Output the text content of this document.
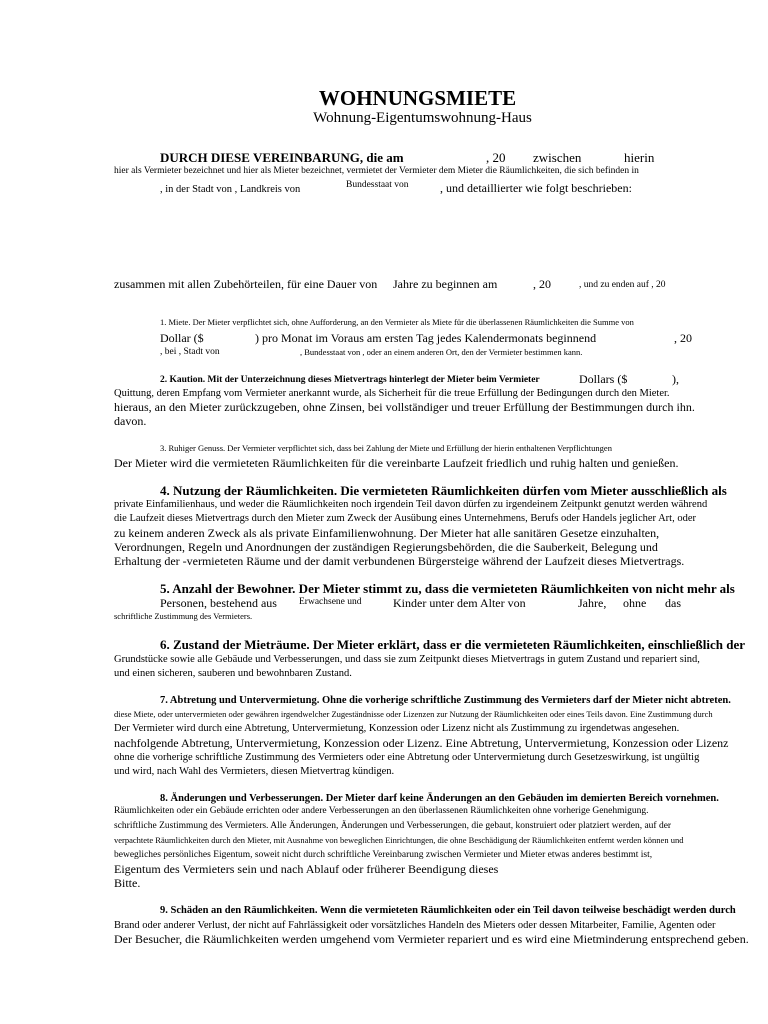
WOHNUNGSMIETE
Wohnung-Eigentumswohnung-Haus
DURCH DIESE VEREINBARUNG, die am	, 20 zwischen	hierin
hier als Vermieter bezeichnet und hier als Mieter bezeichnet, vermietet der Vermieter dem Mieter die Räumlichkeiten, die sich befinden in
, in der Stadt von , Landkreis von	Bundesstaat von	, und detaillierter wie folgt beschrieben:
zusammen mit allen Zubehörteilen, für eine Dauer von Jahre zu beginnen am	, 20	, und zu enden auf , 20
1. Miete. Der Mieter verpflichtet sich, ohne Aufforderung, an den Vermieter als Miete für die überlassenen Räumlichkeiten die Summe von
Dollar ($	) pro Monat im Voraus am ersten Tag jedes Kalendermonats beginnend	, 20
, bei , Stadt von	, Bundesstaat von , oder an einem anderen Ort, den der Vermieter bestimmen kann.
2. Kaution. Mit der Unterzeichnung dieses Mietvertrags hinterlegt der Mieter beim Vermieter	Dollars ($	),
Quittung, deren Empfang vom Vermieter anerkannt wurde, als Sicherheit für die treue Erfüllung der Bedingungen durch den Mieter.
hieraus, an den Mieter zurückzugeben, ohne Zinsen, bei vollständiger und treuer Erfüllung der Bestimmungen durch ihn.
davon.
3. Ruhiger Genuss. Der Vermieter verpflichtet sich, dass bei Zahlung der Miete und Erfüllung der hierin enthaltenen Verpflichtungen
Der Mieter wird die vermieteten Räumlichkeiten für die vereinbarte Laufzeit friedlich und ruhig halten und genießen.
4. Nutzung der Räumlichkeiten. Die vermieteten Räumlichkeiten dürfen vom Mieter ausschließlich als
private Einfamilienhaus, und weder die Räumlichkeiten noch irgendein Teil davon dürfen zu irgendeinem Zeitpunkt genutzt werden während
die Laufzeit dieses Mietvertrags durch den Mieter zum Zweck der Ausübung eines Unternehmens, Berufs oder Handels jeglicher Art, oder
zu keinem anderen Zweck als als private Einfamilienwohnung. Der Mieter hat alle sanitären Gesetze einzuhalten,
Verordnungen, Regeln und Anordnungen der zuständigen Regierungsbehörden, die die Sauberkeit, Belegung und
Erhaltung der -vermieteten Räume und der damit verbundenen Bürgersteige während der Laufzeit dieses Mietvertrags.
5. Anzahl der Bewohner. Der Mieter stimmt zu, dass die vermieteten Räumlichkeiten von nicht mehr als
Personen, bestehend aus Erwachsene und	Kinder unter dem Alter von	Jahre, ohne das
schriftliche Zustimmung des Vermieters.
6. Zustand der Mieträume. Der Mieter erklärt, dass er die vermieteten Räumlichkeiten, einschließlich der
Grundstücke sowie alle Gebäude und Verbesserungen, und dass sie zum Zeitpunkt dieses Mietvertrags in gutem Zustand und repariert sind,
und einen sicheren, sauberen und bewohnbaren Zustand.
7. Abtretung und Untervermietung. Ohne die vorherige schriftliche Zustimmung des Vermieters darf der Mieter nicht abtreten.
diese Miete, oder untervermieten oder gewähren irgendwelcher Zugeständnisse oder Lizenzen zur Nutzung der Räumlichkeiten oder eines Teils davon. Eine Zustimmung durch
Der Vermieter wird durch eine Abtretung, Untervermietung, Konzession oder Lizenz nicht als Zustimmung zu irgendetwas angesehen.
nachfolgende Abtretung, Untervermietung, Konzession oder Lizenz. Eine Abtretung, Untervermietung, Konzession oder Lizenz
ohne die vorherige schriftliche Zustimmung des Vermieters oder eine Abtretung oder Untervermietung durch Gesetzeswirkung, ist ungültig
und wird, nach Wahl des Vermieters, diesen Mietvertrag kündigen.
8. Änderungen und Verbesserungen. Der Mieter darf keine Änderungen an den Gebäuden im demierten Bereich vornehmen.
Räumlichkeiten oder ein Gebäude errichten oder andere Verbesserungen an den überlassenen Räumlichkeiten ohne vorherige Genehmigung.
schriftliche Zustimmung des Vermieters. Alle Änderungen, Änderungen und Verbesserungen, die gebaut, konstruiert oder platziert werden, auf der
verpachtete Räumlichkeiten durch den Mieter, mit Ausnahme von beweglichen Einrichtungen, die ohne Beschädigung der Räumlichkeiten entfernt werden können und
bewegliches persönliches Eigentum, soweit nicht durch schriftliche Vereinbarung zwischen Vermieter und Mieter etwas anderes bestimmt ist,
Eigentum des Vermieters sein und nach Ablauf oder früherer Beendigung dieses
Bitte.
9. Schäden an den Räumlichkeiten. Wenn die vermieteten Räumlichkeiten oder ein Teil davon teilweise beschädigt werden durch
Brand oder anderer Verlust, der nicht auf Fahrlässigkeit oder vorsätzliches Handeln des Mieters oder dessen Mitarbeiter, Familie, Agenten oder
Der Besucher, die Räumlichkeiten werden umgehend vom Vermieter repariert und es wird eine Mietminderung entsprechend geben.
